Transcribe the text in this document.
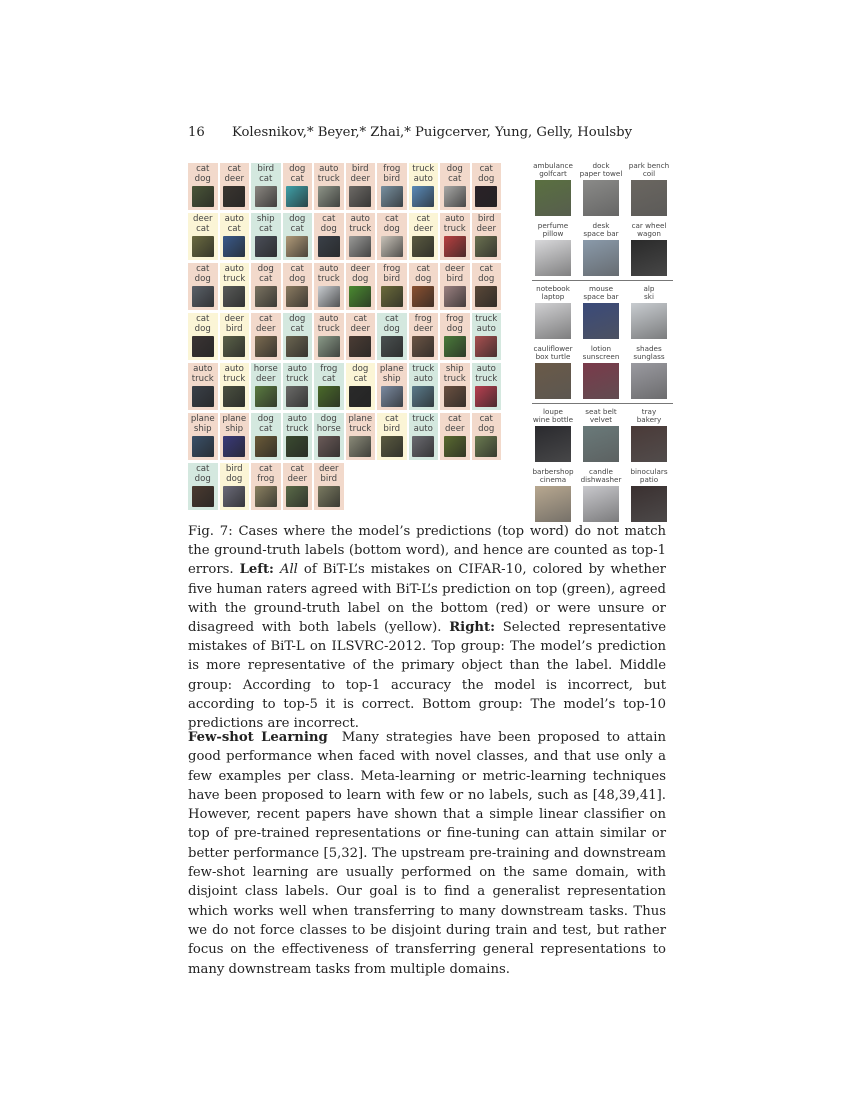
16 Kolesnikov,* Beyer,* Zhai,* Puigcerver, Yung, Gelly, Houlsby
cat
dog
cat
deer
bird
cat
dog
cat
auto
truck
bird
deer
frog
bird
truck
auto
dog
cat
cat
dog
deer
cat
auto
cat
ship
cat
dog
cat
cat
dog
auto
truck
cat
dog
cat
deer
auto
truck
bird
deer
cat
dog
auto
truck
dog
cat
cat
dog
auto
truck
deer
dog
frog
bird
cat
dog
deer
bird
cat
dog
cat
dog
deer
bird
cat
deer
dog
cat
auto
truck
cat
deer
cat
dog
frog
deer
frog
dog
truck
auto
auto
truck
auto
truck
horse
deer
auto
truck
frog
cat
dog
cat
plane
ship
truck
auto
ship
truck
auto
truck
plane
ship
plane
ship
dog
cat
auto
truck
dog
horse
plane
truck
cat
bird
truck
auto
cat
deer
cat
dog
cat
dog
bird
dog
cat
frog
cat
deer
deer
bird
ambulance
golfcart
dock
paper towel
park bench
coil
perfume
pillow
desk
space bar
car wheel
wagon
notebook
laptop
mouse
space bar
alp
ski
cauliflower
box turtle
lotion
sunscreen
shades
sunglass
loupe
wine bottle
seat belt
velvet
tray
bakery
barbershop
cinema
candle
dishwasher
binoculars
patio
Fig. 7: Cases where the model’s predictions (top word) do not match the ground-truth labels (bottom word), and hence are counted as top-1 errors. Left: All of BiT-L’s mistakes on CIFAR-10, colored by whether five human raters agreed with BiT-L’s prediction on top (green), agreed with the ground-truth label on the bottom (red) or were unsure or disagreed with both labels (yellow). Right: Selected representative mistakes of BiT-L on ILSVRC-2012. Top group: The model’s prediction is more representative of the primary object than the label. Middle group: According to top-1 accuracy the model is incorrect, but according to top-5 it is correct. Bottom group: The model’s top-10 predictions are incorrect.
Few-shot Learning Many strategies have been proposed to attain good performance when faced with novel classes, and that use only a few examples per class. Meta-learning or metric-learning techniques have been proposed to learn with few or no labels, such as [48,39,41]. However, recent papers have shown that a simple linear classifier on top of pre-trained representations or fine-tuning can attain similar or better performance [5,32]. The upstream pre-training and downstream few-shot learning are usually performed on the same domain, with disjoint class labels. Our goal is to find a generalist representation which works well when transferring to many downstream tasks. Thus we do not force classes to be disjoint during train and test, but rather focus on the effectiveness of transferring general representations to many downstream tasks from multiple domains.
